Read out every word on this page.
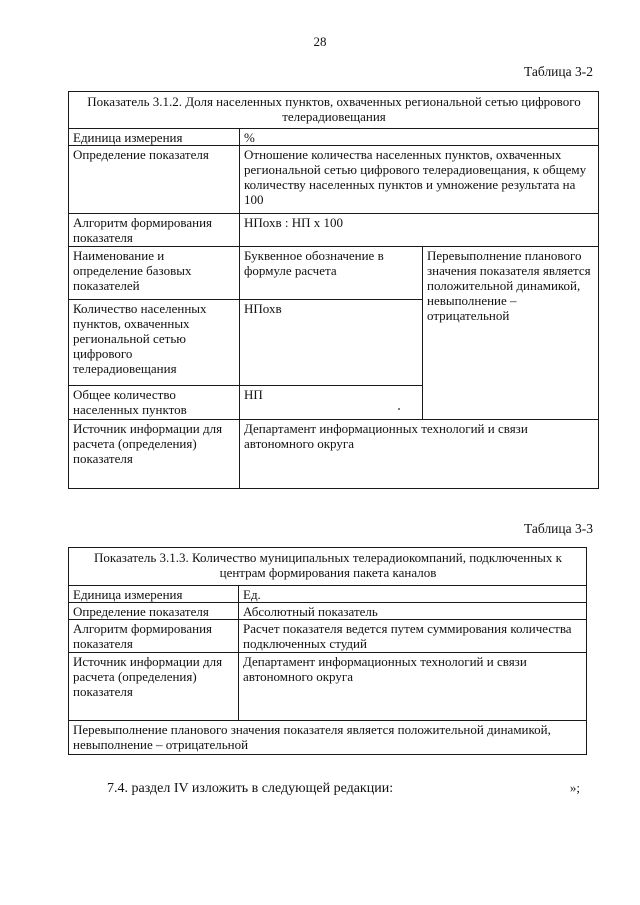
28
Таблица 3-2
Показатель 3.1.2. Доля населенных пунктов, охваченных региональной сетью цифрового телерадиовещания		
Единица измерения	%	
Определение показателя	Отношение количества населенных пунктов, охваченных региональной сетью цифрового телерадиовещания, к общему количеству населенных пунктов и умножение результата на 100	
Алгоритм формирования показателя	НПохв : НП х 100	
Наименование и определение базовых показателей	Буквенное обозначение в формуле расчета	Перевыполнение планового значения показателя является положительной динамикой, невыполнение – отрицательной
Количество населенных пунктов, охваченных региональной сетью цифрового телерадиовещания	НПохв	
Общее количество населенных пунктов	НП	
Источник информации для расчета (определения) показателя	Департамент информационных технологий и связи автономного округа	
Таблица 3-3
Показатель 3.1.3. Количество муниципальных телерадиокомпаний, подключенных к центрам формирования пакета каналов	
Единица измерения	Ед.
Определение показателя	Абсолютный показатель
Алгоритм формирования показателя	Расчет показателя ведется путем суммирования количества подключенных студий
Источник информации для расчета (определения) показателя	Департамент информационных технологий и связи автономного округа
Перевыполнение планового значения показателя является положительной динамикой, невыполнение – отрицательной	
»;
7.4. раздел IV изложить в следующей редакции:
